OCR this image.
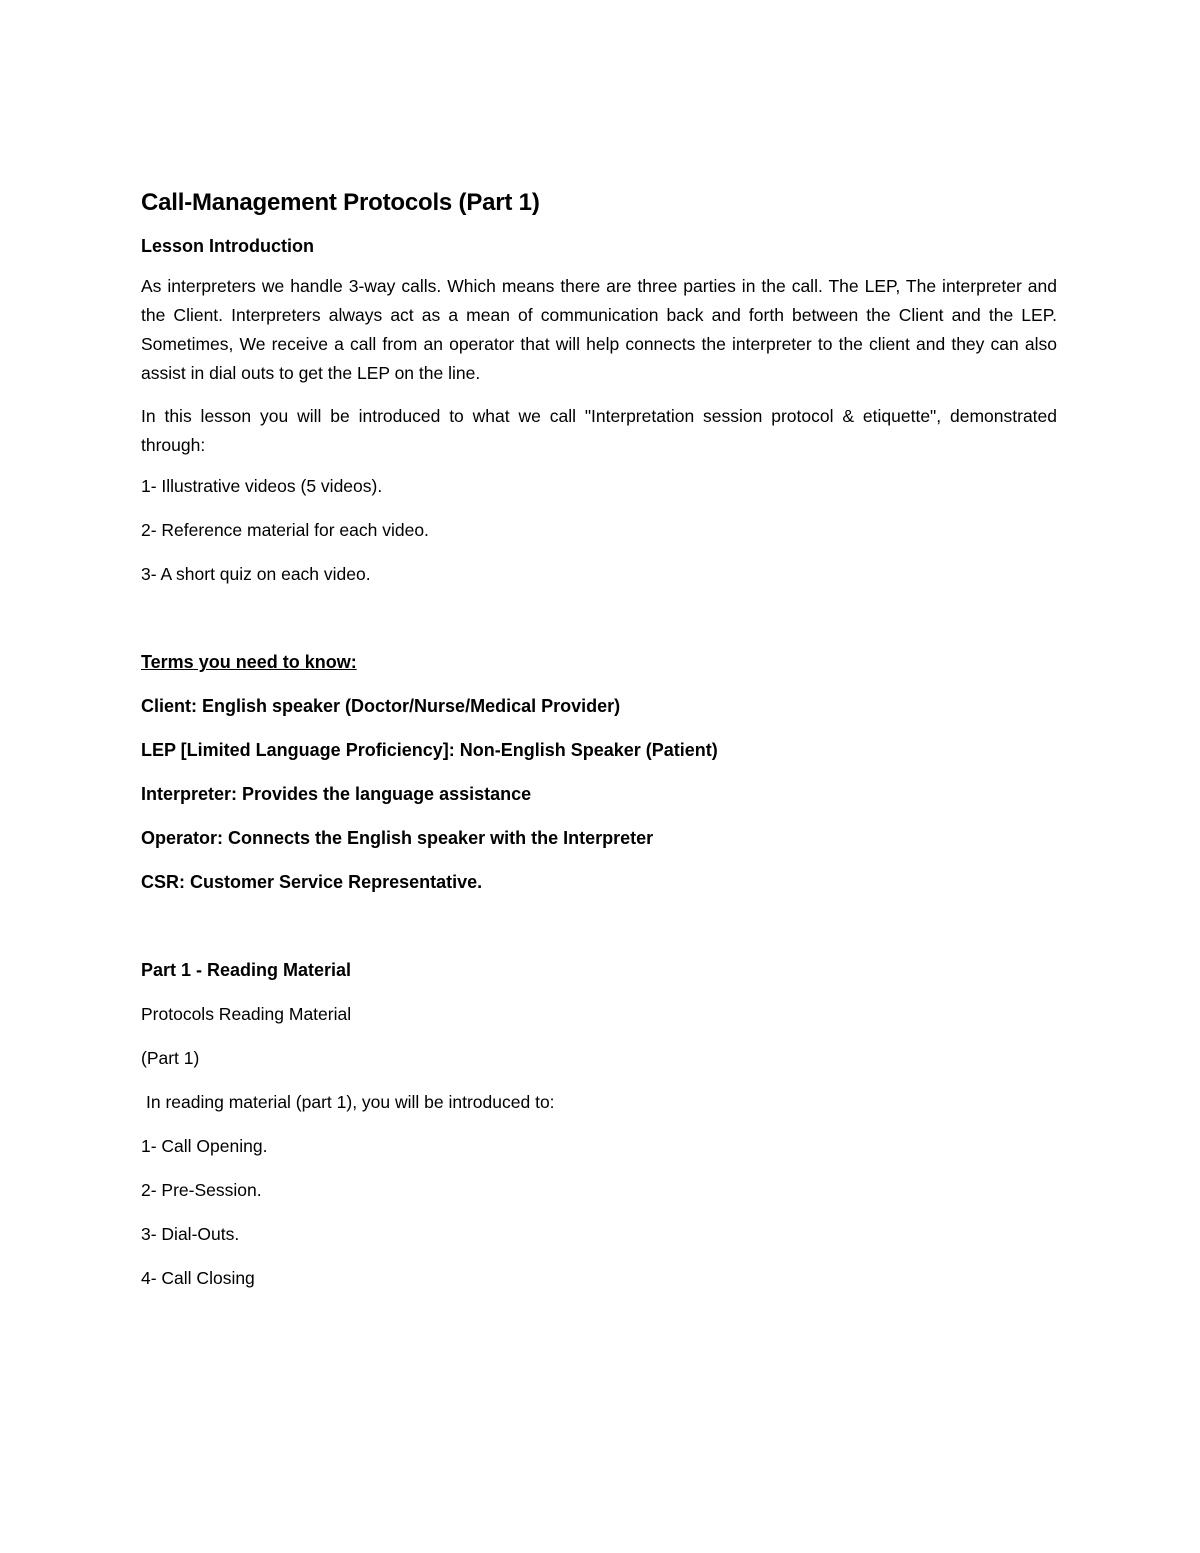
Call-Management Protocols (Part 1)
Lesson Introduction
As interpreters we handle 3-way calls. Which means there are three parties in the call. The LEP, The interpreter and the Client. Interpreters always act as a mean of communication back and forth between the Client and the LEP. Sometimes, We receive a call from an operator that will help connects the interpreter to the client and they can also assist in dial outs to get the LEP on the line.
In this lesson you will be introduced to what we call "Interpretation session protocol & etiquette", demonstrated through:
1- Illustrative videos (5 videos).
2- Reference material for each video.
3- A short quiz on each video.
Terms you need to know:
Client: English speaker (Doctor/Nurse/Medical Provider)
LEP [Limited Language Proficiency]: Non-English Speaker (Patient)
Interpreter: Provides the language assistance
Operator: Connects the English speaker with the Interpreter
CSR: Customer Service Representative.
Part 1 - Reading Material
Protocols Reading Material
(Part 1)
In reading material (part 1), you will be introduced to:
1- Call Opening.
2- Pre-Session.
3- Dial-Outs.
4- Call Closing
